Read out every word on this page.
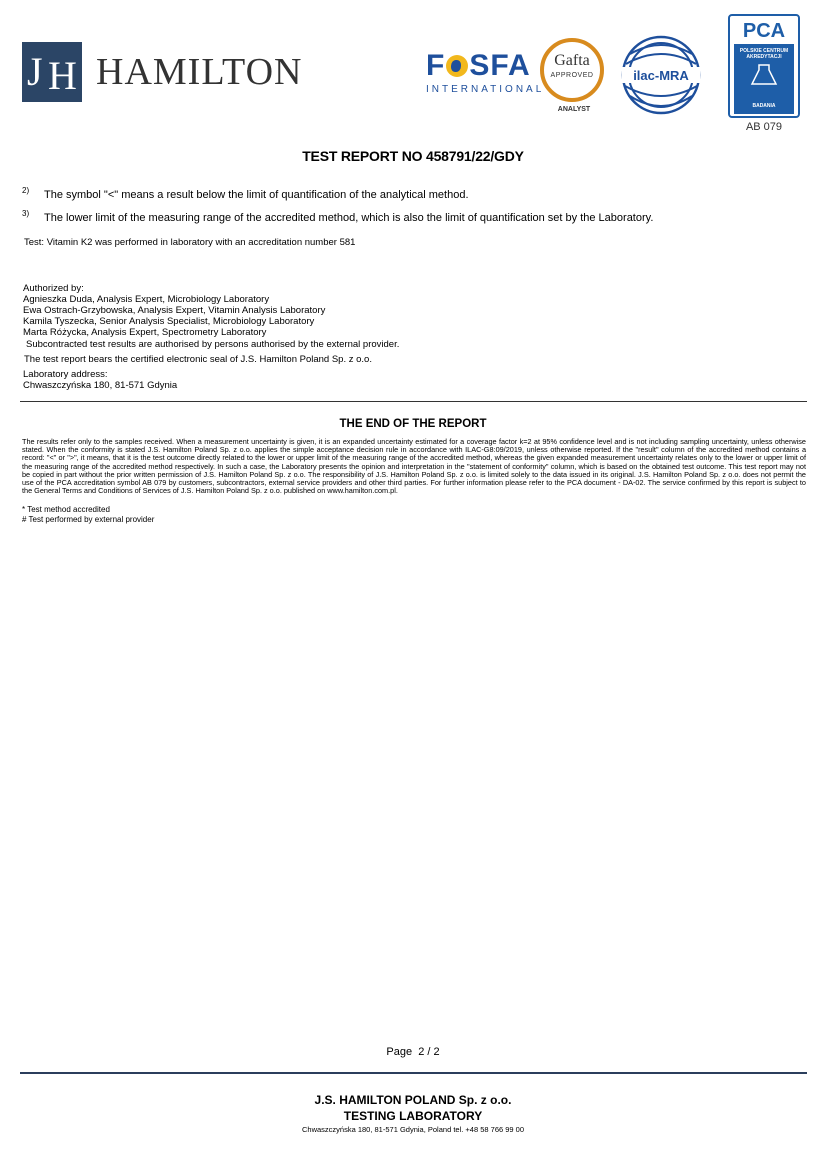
J H HAMILTON	F SFA
INTERNATIONAL
Gafta
APPROVED
ANALYST
ilac-MRA
PCA
POLSKIE CENTRUM
AKREDYTACJI
BADANIA
AB 079
TEST REPORT NO 458791/22/GDY
2) The symbol "<" means a result below the limit of quantification of the analytical method.
3) The lower limit of the measuring range of the accredited method, which is also the limit of quantification set by the Laboratory.
Test: Vitamin K2 was performed in laboratory with an accreditation number 581
Authorized by:
Agnieszka Duda, Analysis Expert, Microbiology Laboratory
Ewa Ostrach-Grzybowska, Analysis Expert, Vitamin Analysis Laboratory
Kamila Tyszecka, Senior Analysis Specialist, Microbiology Laboratory
Marta Różycka, Analysis Expert, Spectrometry Laboratory
Subcontracted test results are authorised by persons authorised by the external provider.
The test report bears the certified electronic seal of J.S. Hamilton Poland Sp. z o.o.
Laboratory address:
Chwaszczyńska 180, 81-571 Gdynia
THE END OF THE REPORT
The results refer only to the samples received. When a measurement uncertainty is given, it is an expanded uncertainty estimated for a coverage factor k=2 at 95% confidence level and is not including sampling uncertainty, unless otherwise stated. When the conformity is stated J.S. Hamilton Poland Sp. z o.o. applies the simple acceptance decision rule in accordance with ILAC-G8:09/2019, unless otherwise reported. If the "result" column of the accredited method contains a record: "<" or ">", it means, that it is the test outcome directly related to the lower or upper limit of the measuring range of the accredited method, whereas the given expanded measurement uncertainty relates only to the lower or upper limit of the measuring range of the accredited method respectively. In such a case, the Laboratory presents the opinion and interpretation in the "statement of conformity" column, which is based on the obtained test outcome. This test report may not be copied in part without the prior written permission of J.S. Hamilton Poland Sp. z o.o. The responsibility of J.S. Hamilton Poland Sp. z o.o. is limited solely to the data issued in its original. J.S. Hamilton Poland Sp. z o.o. does not permit the use of the PCA accreditation symbol AB 079 by customers, subcontractors, external service providers and other third parties. For further information please refer to the PCA document - DA-02. The service confirmed by this report is subject to the General Terms and Conditions of Services of J.S. Hamilton Poland Sp. z o.o. published on www.hamilton.com.pl.
* Test method accredited
# Test performed by external provider
Page 2 / 2
J.S. HAMILTON POLAND Sp. z o.o.
TESTING LABORATORY
Chwaszczyńska 180, 81-571 Gdynia, Poland tel. +48 58 766 99 00
